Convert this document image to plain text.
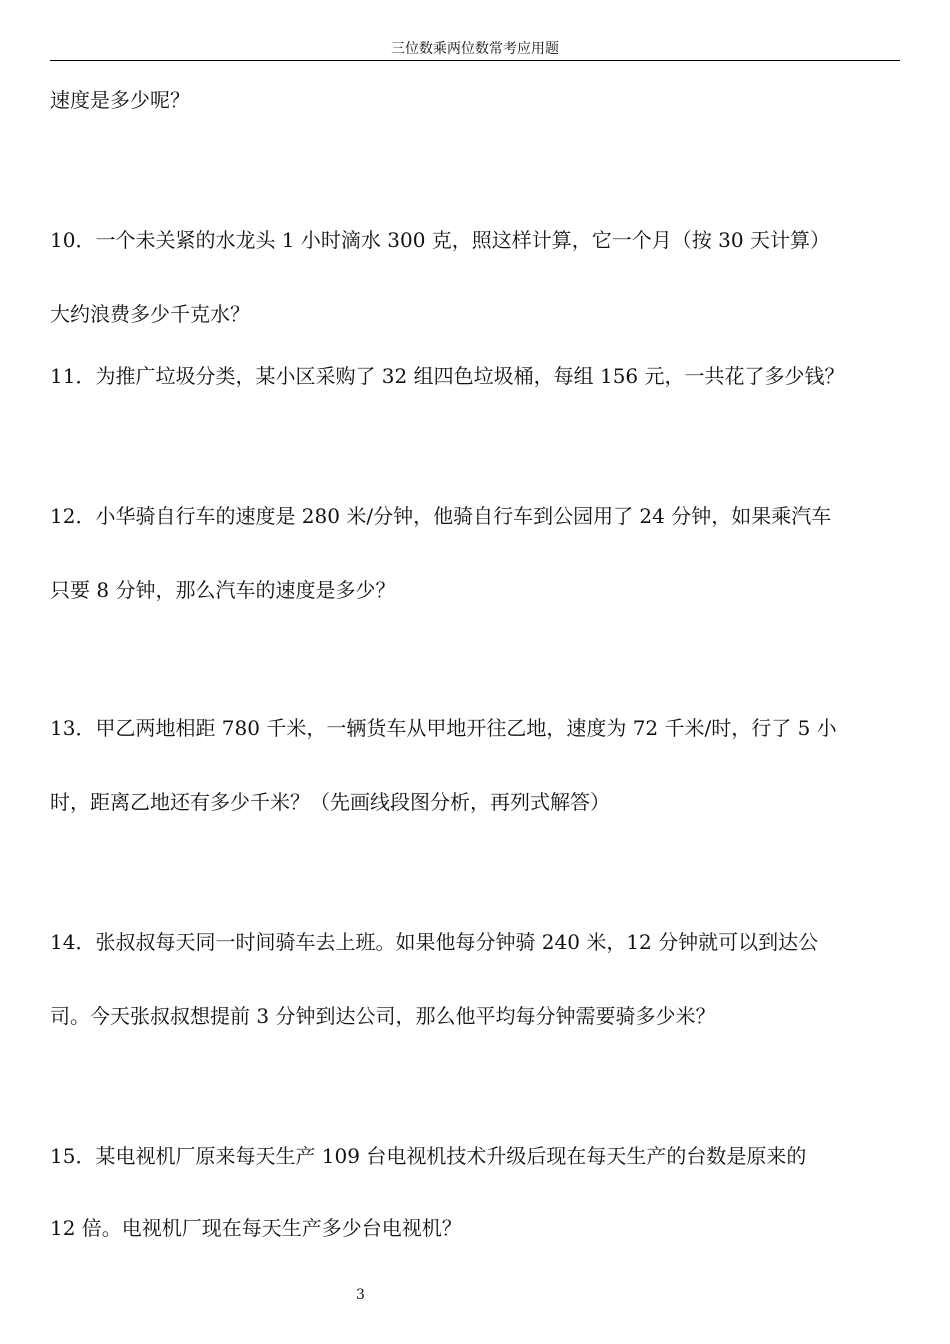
三位数乘两位数常考应用题
速度是多少呢？
10．一个未关紧的水龙头 1 小时滴水 300 克，照这样计算，它一个月（按 30 天计算）
大约浪费多少千克水？
11．为推广垃圾分类，某小区采购了 32 组四色垃圾桶，每组 156 元，一共花了多少钱？
12．小华骑自行车的速度是 280 米/分钟，他骑自行车到公园用了 24 分钟，如果乘汽车
只要 8 分钟，那么汽车的速度是多少？
13．甲乙两地相距 780 千米，一辆货车从甲地开往乙地，速度为 72 千米/时，行了 5 小
时，距离乙地还有多少千米？（先画线段图分析，再列式解答）
14．张叔叔每天同一时间骑车去上班。如果他每分钟骑 240 米，12 分钟就可以到达公
司。今天张叔叔想提前 3 分钟到达公司，那么他平均每分钟需要骑多少米？
15．某电视机厂原来每天生产 109 台电视机技术升级后现在每天生产的台数是原来的
12 倍。电视机厂现在每天生产多少台电视机？
3
